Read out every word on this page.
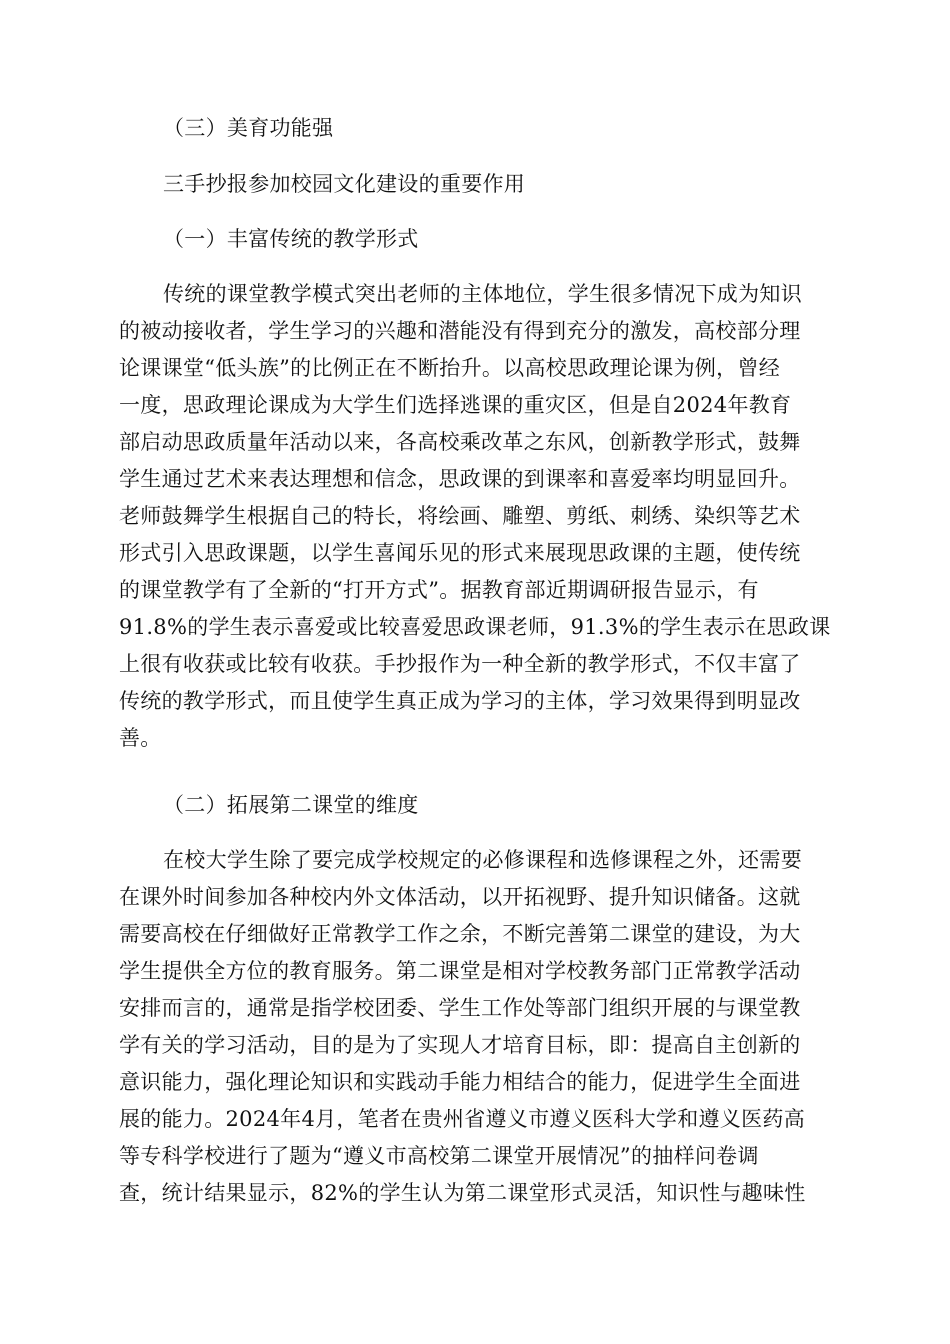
（三）美育功能强
三手抄报参加校园文化建设的重要作用
（一）丰富传统的教学形式
传统的课堂教学模式突出老师的主体地位，学生很多情况下成为知识
的被动接收者，学生学习的兴趣和潜能没有得到充分的激发，高校部分理
论课课堂“低头族”的比例正在不断抬升。以高校思政理论课为例，曾经
一度，思政理论课成为大学生们选择逃课的重灾区，但是自2024年教育
部启动思政质量年活动以来，各高校乘改革之东风，创新教学形式，鼓舞
学生通过艺术来表达理想和信念，思政课的到课率和喜爱率均明显回升。
老师鼓舞学生根据自己的特长，将绘画、雕塑、剪纸、刺绣、染织等艺术
形式引入思政课题，以学生喜闻乐见的形式来展现思政课的主题，使传统
的课堂教学有了全新的“打开方式”。据教育部近期调研报告显示，有
91.8%的学生表示喜爱或比较喜爱思政课老师，91.3%的学生表示在思政课
上很有收获或比较有收获。手抄报作为一种全新的教学形式，不仅丰富了
传统的教学形式，而且使学生真正成为学习的主体，学习效果得到明显改
善。
（二）拓展第二课堂的维度
在校大学生除了要完成学校规定的必修课程和选修课程之外，还需要
在课外时间参加各种校内外文体活动，以开拓视野、提升知识储备。这就
需要高校在仔细做好正常教学工作之余，不断完善第二课堂的建设，为大
学生提供全方位的教育服务。第二课堂是相对学校教务部门正常教学活动
安排而言的，通常是指学校团委、学生工作处等部门组织开展的与课堂教
学有关的学习活动，目的是为了实现人才培育目标，即：提高自主创新的
意识能力，强化理论知识和实践动手能力相结合的能力，促进学生全面进
展的能力。2024年4月，笔者在贵州省遵义市遵义医科大学和遵义医药高
等专科学校进行了题为“遵义市高校第二课堂开展情况”的抽样问卷调
查，统计结果显示，82%的学生认为第二课堂形式灵活，知识性与趣味性
